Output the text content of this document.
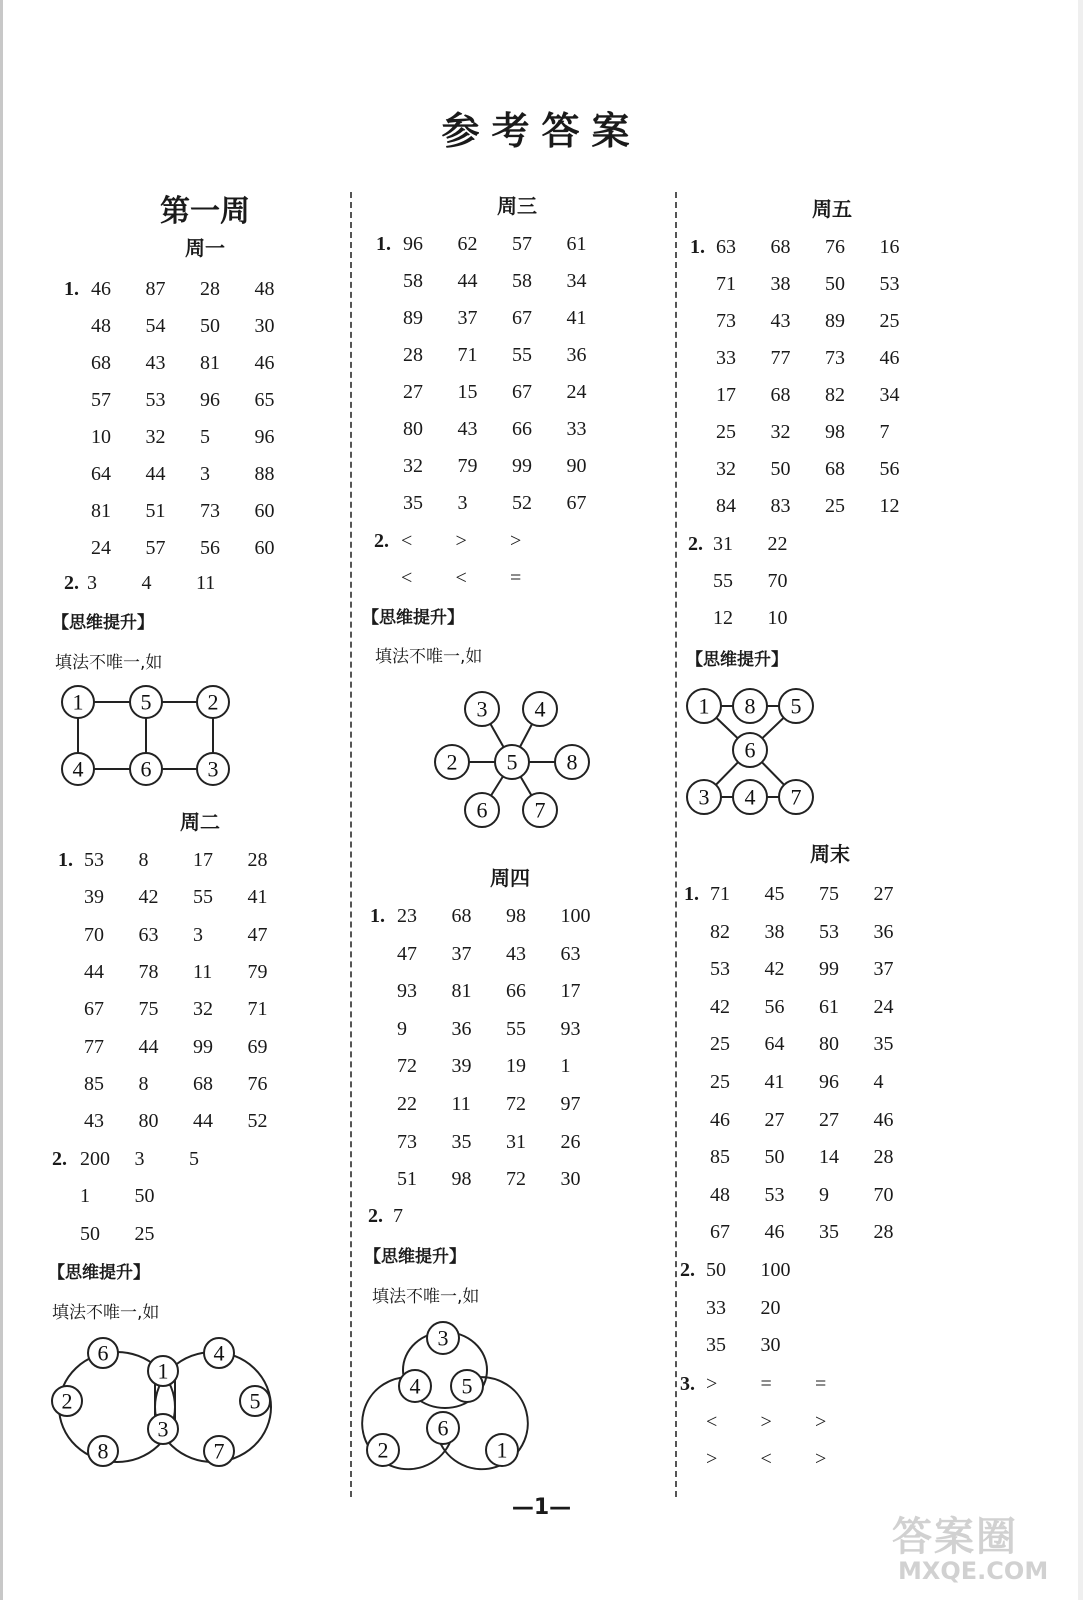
参考答案
第一周
周一
1. 46 87 28 48
48 54 50 30
68 43 81 46
57 53 96 65
10 32 5 96
64 44 3 88
81 51 73 60
24 57 56 60
2. 3 4 11
【思维提升】
填法不唯一,如
1	5	2
4	6	3
周二
1. 53 8 17 28
39 42 55 41
70 63 3 47
44 78 11 79
67 75 32 71
77 44 99 69
85 8 68 76
43 80 44 52
2. 200 3 5
1 50
50 25
【思维提升】
填法不唯一,如
6
1
4
2	5
3
8	7
周三
1. 96 62 57 61
58 44 58 34
89 37 67 41
28 71 55 36
27 15 67 24
80 43 66 33
32 79 99 90
35 3 52 67
2. < > >
< < =
【思维提升】
填法不唯一,如
3 4
2 5 8
6 7
周四
1. 23 68 98 100
47 37 43 63
93 81 66 17
9 36 55 93
72 39 19 1
22 11 72 97
73 35 31 26
51 98 72 30
2. 7
【思维提升】
填法不唯一,如
3
4 5
6
2	1
周五
1. 63 68 76 16
71 38 50 53
73 43 89 25
33 77 73 46
17 68 82 34
25 32 98 7
32 50 68 56
84 83 25 12
2. 31 22
55 70
12 10
【思维提升】
1 8 5
6
3 4 7
周末
1. 71 45 75 27
82 38 53 36
53 42 99 37
42 56 61 24
25 64 80 35
25 41 96 4
46 27 27 46
85 50 14 28
48 53 9 70
67 46 35 28
2. 50 100
33 20
35 30
3. > = =
< > >
> < >
—1—
答案圈
MXQE.COM
